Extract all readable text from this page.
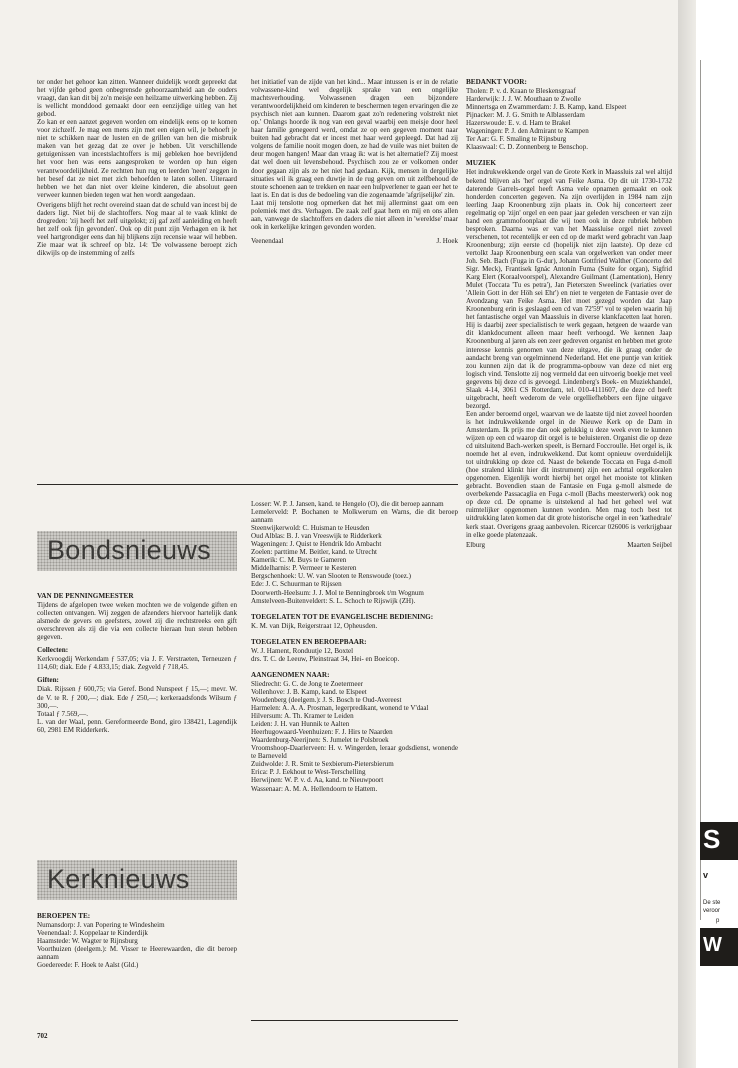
ter onder het gehoor kan zitten. Wanneer duidelijk wordt gepreekt dat het vijfde gebod geen onbegrensde gehoorzaamheid aan de ouders vraagt, dan kan dit bij zo'n meisje een heilzame uitwerking hebben. Zij is wellicht monddood gemaakt door een eenzijdige uitleg van het gebod.

Zo kan er een aanzet gegeven worden om eindelijk eens op te komen voor zichzelf. Je mag een mens zijn met een eigen wil, je behoeft je niet te schikken naar de lusten en de grillen van hen die misbruik maken van het gezag dat ze over je hebben. Uit verschillende getuigenissen van incestslachtoffers is mij gebleken hoe bevrijdend het voor hen was eens aangesproken te worden op hun eigen verantwoordelijkheid. Ze rechtten hun rug en leerden 'neen' zeggen in het besef dat ze niet met zich behoefden te laten sollen. Uiteraard hebben we het dan niet over kleine kinderen, die absoluut geen verweer kunnen bieden tegen wat hen wordt aangedaan.

Overigens blijft het recht overeind staan dat de schuld van incest bij de daders ligt. Niet bij de slachtoffers. Nog maar al te vaak klinkt de drogreden: 'zij heeft het zelf uitgelokt; zij gaf zelf aanleiding en heeft het zelf ook fijn gevonden'. Ook op dit punt zijn Verhagen en ik het veel hartgrondiger eens dan hij blijkens zijn recensie waar wil hebben. Zie maar wat ik schreef op blz. 14: 'De volwassene beroept zich dikwijls op de instemming of zelfs

het initiatief van de zijde van het kind... Maar intussen is er in de relatie volwassene-kind wel degelijk sprake van een ongelijke machtsverhouding. Volwassenen dragen een bijzondere verantwoordelijkheid om kinderen te beschermen tegen ervaringen die ze psychisch niet aan kunnen. Daarom gaat zo'n redenering volstrekt niet op.' Onlangs hoorde ik nog van een geval waarbij een meisje door heel haar familie genegeerd werd, omdat ze op een gegeven moment naar buiten had gebracht dat er incest met haar werd gepleegd. Dat had zij volgens de familie nooit mogen doen, ze had de vuile was niet buiten de deur mogen hangen! Maar dan vraag ik: wat is het alternatief? Zij moest dat wel doen uit levensbehoud. Psychisch zou ze er volkomen onder door gegaan zijn als ze het niet had gedaan. Kijk, mensen in dergelijke situaties wil ik graag een duwtje in de rug geven om uit zelfbehoud de stoute schoenen aan te trekken en naar een hulpverlener te gaan eer het te laat is. En dat is dus de bedoeling van die zogenaamde 'afgrijselijke' zin.

Laat mij tenslotte nog opmerken dat het mij allerminst gaat om een polemiek met drs. Verhagen. De zaak zelf gaat hem en mij en ons allen aan, vanwege de slachtoffers en daders die niet alleen in 'wereldse' maar ook in kerkelijke kringen gevonden worden.

Veenendaal	J. Hoek
Bondsnieuws
VAN DE PENNINGMEESTER

Tijdens de afgelopen twee weken mochten we de volgende giften en collecten ontvangen. Wij zeggen de afzenders hiervoor hartelijk dank alsmede de gevers en geefsters, zowel zij die rechtstreeks een gift overschreven als zij die via een collecte hieraan hun steun hebben gegeven.

Collecten:

Kerkvoogdij Werkendam ƒ 537,05; via J. F. Verstraeten, Terneuzen ƒ 114,60; diak. Ede ƒ 4.833,15; diak. Zegveld ƒ 718,45.

Giften:

Diak. Rijssen ƒ 600,75; via Geref. Bond Nunspeet ƒ 15,—; mevr. W. de V. te R. ƒ 200,—; diak. Ede ƒ 250,—; kerkeraadsfonds Wilsum ƒ 300,—.

Totaal ƒ 7.569,—.

L. van der Waal, penn. Gereformeerde Bond, giro 138421, Lagendijk 60, 2981 EM Ridderkerk.

Kerknieuws
BEROEPEN TE:
Numansdorp: J. van Popering te Windesheim
Veenendaal: J. Koppelaar te Kinderdijk
Haamstede: W. Wagter te Rijnsburg
Voorthuizen (deelgem.): M. Visser te Heerewaarden, die dit beroep aannam
Goedereede: F. Hoek te Aalst (Gld.)
Losser: W. P. J. Jansen, kand. te Hengelo (O), die dit beroep aannam
Lemelerveld: P. Bochanen te Molkwerum en Warns, die dit beroep aannam
Steenwijkerwold: C. Huisman te Heusden
Oud Alblas: B. J. van Vreeswijk te Ridderkerk
Wageningen: J. Quist te Hendrik Ido Ambacht
Zoelen: parttime M. Beitler, kand. te Utrecht
Kamerik: C. M. Buys te Gameren
Middelharnis: P. Vermeer te Kesteren
Bergschenhoek: U. W. van Slooten te Renswoude (toez.)
Ede: J. C. Schuurman te Rijssen
Doorwerth-Heelsum: J. J. Mol te Benningbroek t/m Wognum
Amstelveen-Buitenveldert: S. L. Schoch te Rijswijk (ZH).
TOEGELATEN TOT DE EVANGELISCHE BEDIENING:
K. M. van Dijk, Reigerstraat 12, Opheusden.
TOEGELATEN EN BEROEPBAAR:
W. J. Hament, Ronduutje 12, Boxtel
drs. T. C. de Leeuw, Pleinstraat 34, Hei- en Boeicop.
AANGENOMEN NAAR:
Sliedrecht: G. C. de Jong te Zoetermeer
Vollenhove: J. B. Kamp, kand. te Elspeet
Woudenberg (deelgem.): J. S. Bosch te Oud-Avereest
Harmelen: A. A. A. Prosman, legerpredikant, wonend te V'daal
Hilversum: A. Th. Kramer te Leiden
Leiden: J. H. van Hunnik te Aalten
Heerhugowaard-Veenhuizen: F. J. Hirs te Naarden
Waardenburg-Neerijnen: S. Jumelet te Polsbroek
Vroomshoop-Daarlerveen: H. v. Wingerden, leraar godsdienst, wonende te Barneveld
Zuidwolde: J. R. Smit te Sexbierum-Pietersbierum
Erica: P. J. Eekhout te West-Terschelling
Herwijnen: W. P. v. d. Aa, kand. te Nieuwpoort
Wassenaar: A. M. A. Hellendoorn te Hattem.
BEDANKT VOOR:
Tholen: P. v. d. Kraan te Bleskensgraaf
Harderwijk: J. J. W. Mouthaan te Zwolle
Minnertsga en Zwammerdam: J. B. Kamp, kand. Elspeet
Pijnacker: M. J. G. Smith te Alblasserdam
Hazerswoude: E. v. d. Ham te Brakel
Wageningen: P. J. den Admirant te Kampen
Ter Aar: G. F. Smaling te Rijnsburg
Klaaswaal: C. D. Zonnenberg te Benschop.
MUZIEK

Het indrukwekkende orgel van de Grote Kerk in Maassluis zal wel altijd bekend blijven als 'het' orgel van Feike Asma. Op dit uit 1730-1732 daterende Garrels-orgel heeft Asma vele opnamen gemaakt en ook honderden concerten gegeven. Na zijn overlijden in 1984 nam zijn leerling Jaap Kroonenburg zijn plaats in. Ook hij concerteert zeer regelmatig op 'zijn' orgel en een paar jaar geleden verscheen er van zijn hand een grammofoonplaat die wij toen ook in deze rubriek hebben besproken. Daarna was er van het Maassluise orgel niet zoveel verschenen, tot recentelijk er een cd op de markt werd gebracht van Jaap Kroonenburg; zijn eerste cd (hopelijk niet zijn laatste). Op deze cd vertolkt Jaap Kroonenburg een scala van orgelwerken van onder meer Joh. Seb. Bach (Fuga in G-dur), Johann Gottfried Walther (Concerto del Sigr. Meck), Frantisek Ignác Antonín Fuma (Suite for organ), Sigfrid Karg Elert (Koraalvoorspel), Alexandre Guilmant (Lamentation), Henry Mulet (Toccata 'Tu es petra'), Jan Pieterszen Sweelinck (variaties over 'Allein Gott in der Höh sei Ehr') en niet te vergeten de Fantasie over de Avondzang van Feike Asma. Het moet gezegd worden dat Jaap Kroonenburg erin is geslaagd een cd van 72'59" vol te spelen waarin hij het fantastische orgel van Maassluis in diverse klankfacetten laat horen. Hij is daarbij zeer specialistisch te werk gegaan, hetgeen de waarde van dit klankdocument alleen maar heeft verhoogd. We kennen Jaap Kroonenburg al jaren als een zeer gedreven organist en hebben met grote interesse kennis genomen van deze uitgave, die ik graag onder de aandacht breng van orgelminnend Nederland. Het ene puntje van kritiek zou kunnen zijn dat ik de programma-opbouw van deze cd niet erg logisch vind. Tenslotte zij nog vermeld dat een uitvoerig boekje met veel gegevens bij deze cd is gevoegd. Lindenberg's Boek- en Muziekhandel, Slaak 4-14, 3061 CS Rotterdam, tel. 010-4111607, die deze cd heeft uitgebracht, heeft wederom de vele orgelliefhebbers een fijne uitgave bezorgd.

Een ander beroemd orgel, waarvan we de laatste tijd niet zoveel hoorden is het indrukwekkende orgel in de Nieuwe Kerk op de Dam in Amsterdam. Ik prijs me dan ook gelukkig u deze week even te kunnen wijzen op een cd waarop dit orgel is te beluisteren. Organist die op deze cd uitsluitend Bach-werken speelt, is Bernard Foccroulle. Het orgel is, ik noemde het al even, indrukwekkend. Dat komt opnieuw overduidelijk tot uitdrukking op deze cd. Naast de bekende Toccata en Fuga d-moll (hoe stralend klinkt hier dit instrument) zijn een achttal orgelkoralen opgenomen. Eigenlijk wordt hierbij het orgel het mooiste tot klinken gebracht. Bovendien staan de Fantasie en Fuga g-moll alsmede de overbekende Passacaglia en Fuga c-moll (Bachs meesterwerk) ook nog op deze cd. De opname is uitstekend al had het geheel wel wat ruimtelijker opgenomen kunnen worden. Men mag toch best tot uitdrukking laten komen dat dit grote historische orgel in een 'kathedrale' kerk staat. Overigens graag aanbevolen. Ricercar 026006 is verkrijgbaar in elke goede platenzaak.

Elburg	Maarten Seijbel
702
S
v
De ste
veroor
p
W
